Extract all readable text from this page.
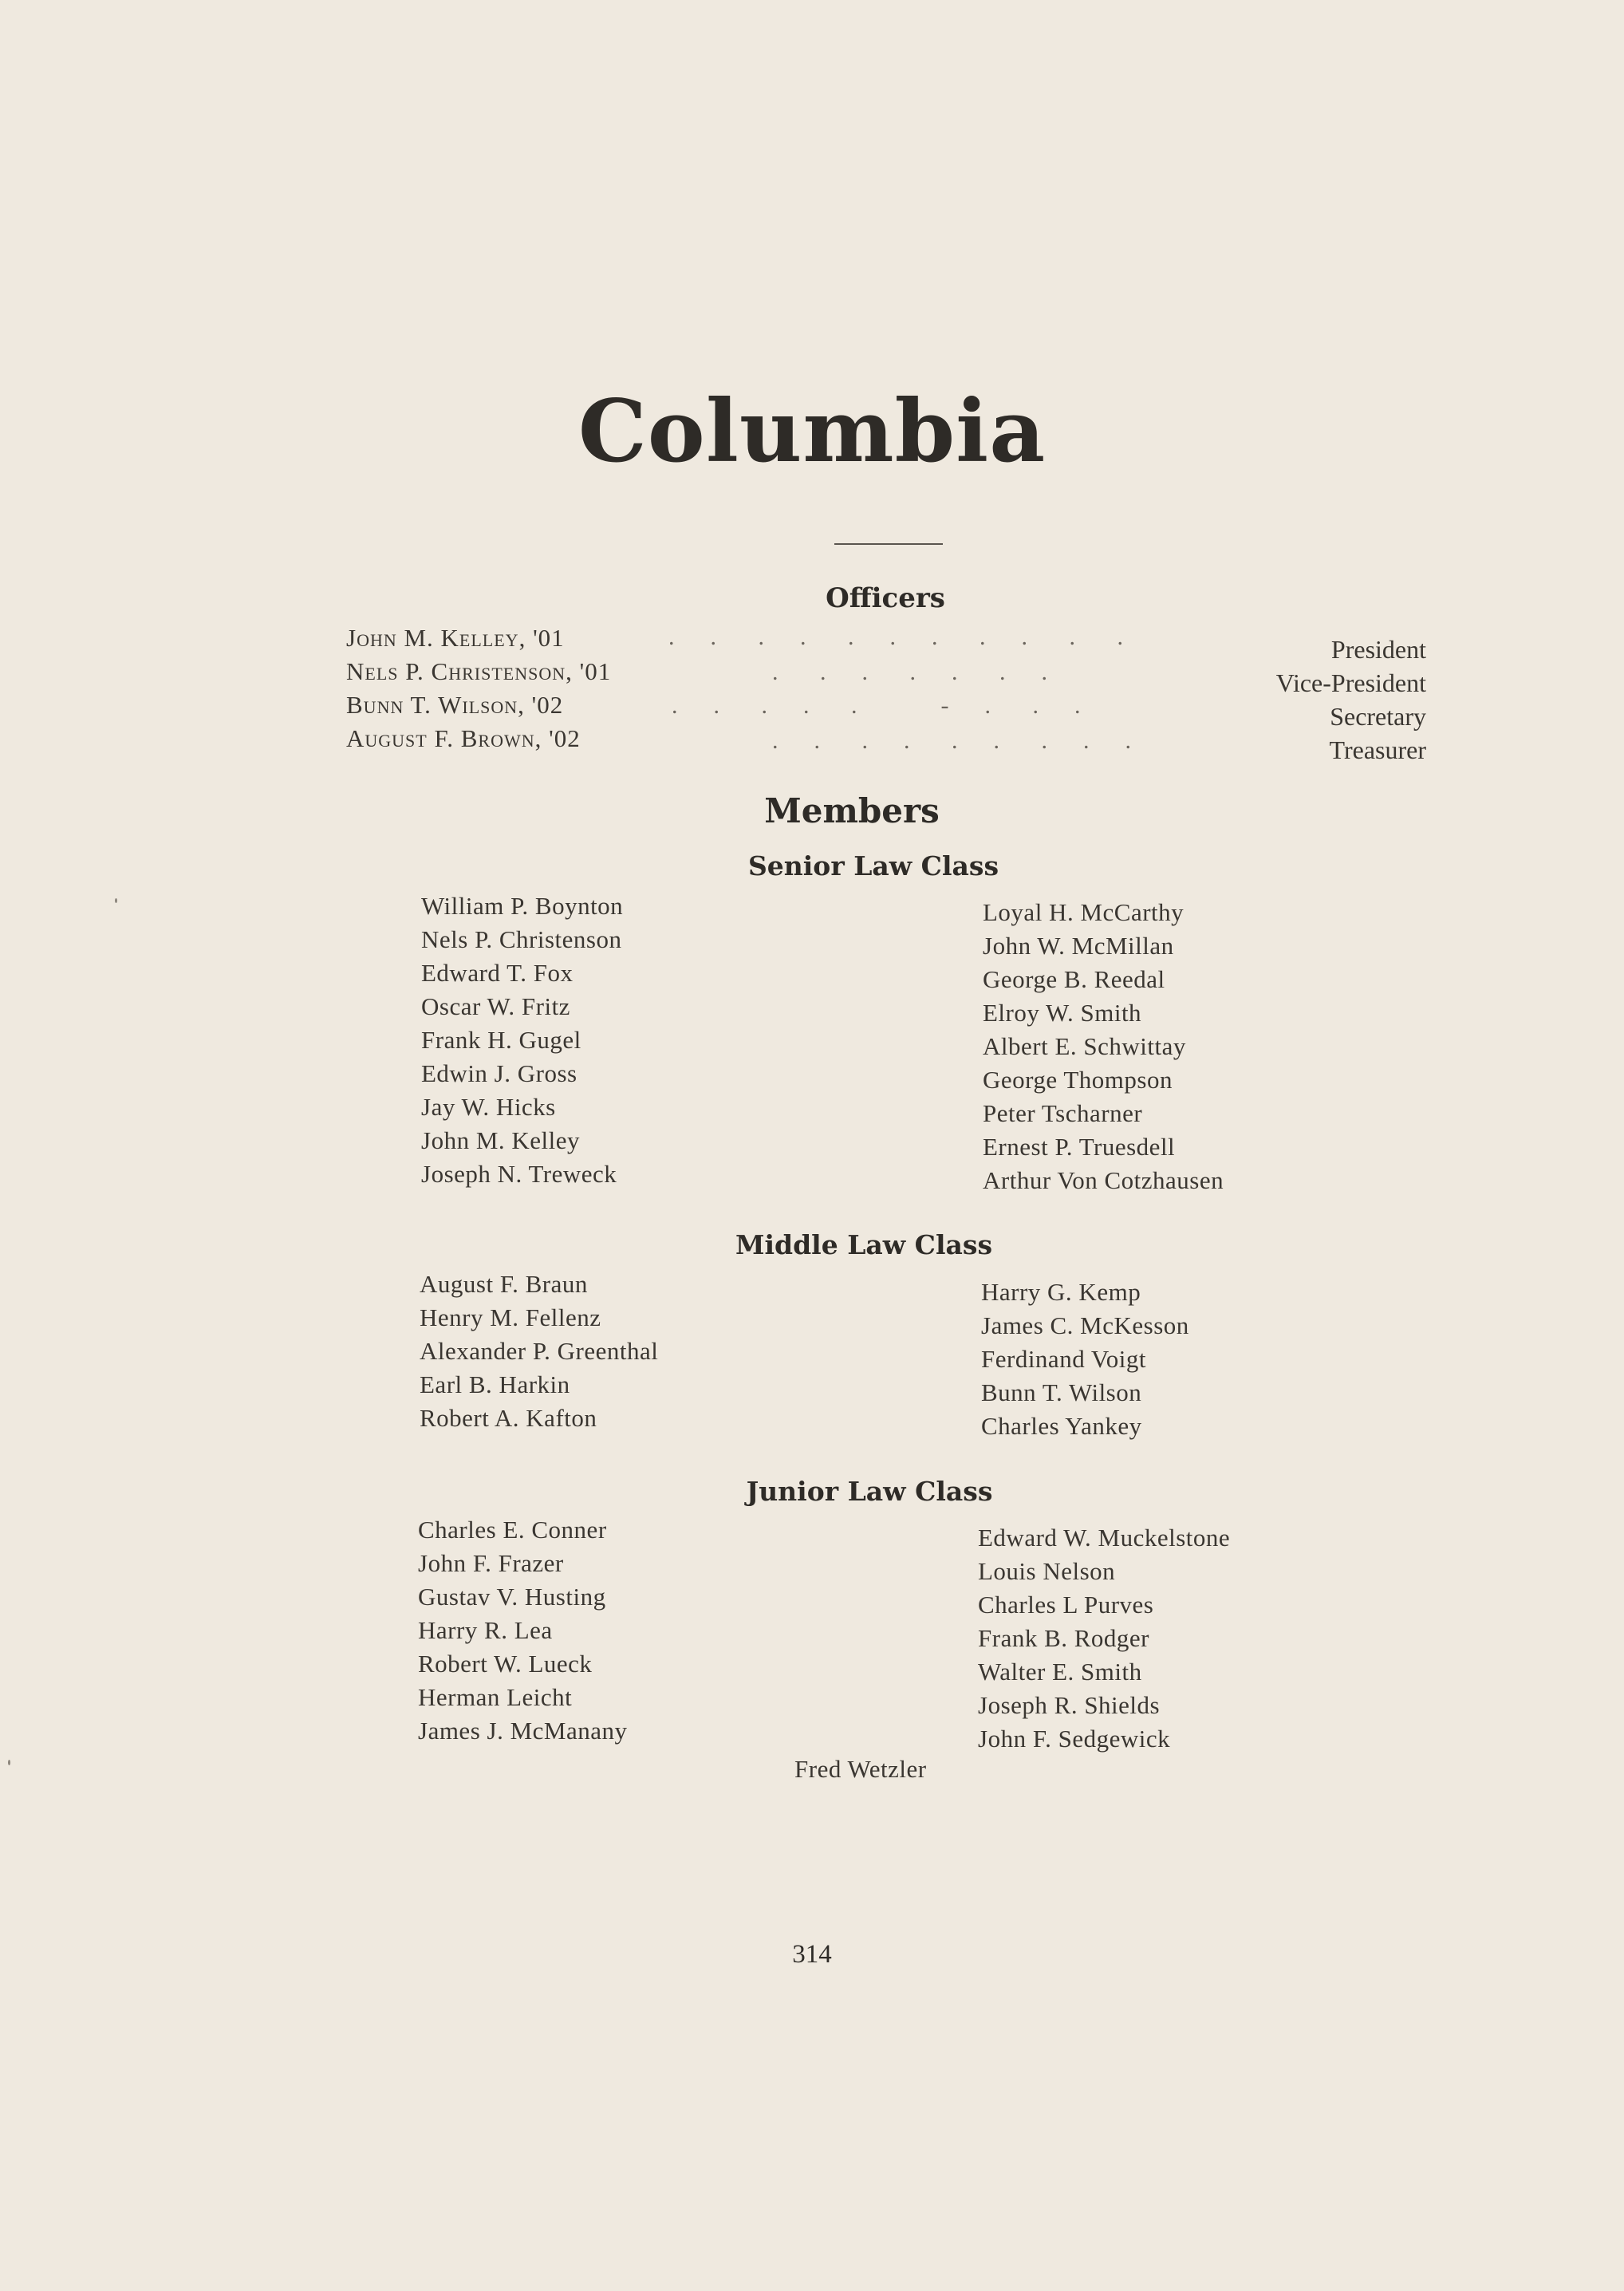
Columbia
Officers
John M. Kelley, '01	.      .       .      .       .      .      .       .      .       .       .	President
Nels P. Christenson, '01	.       .      .       .      .       .      .	Vice-President
Bunn T. Wilson, '02	.      .       .      .       .              -      .       .      .	Secretary
August F. Brown, '02	.      .       .      .       .      .       .      .      .	Treasurer
Members
Senior Law Class
William P. Boynton
Nels P. Christenson
Edward T. Fox
Oscar W. Fritz
Frank H. Gugel
Edwin J. Gross
Jay W. Hicks
John M. Kelley
Joseph N. Treweck
Loyal H. McCarthy
John W. McMillan
George B. Reedal
Elroy W. Smith
Albert E. Schwittay
George Thompson
Peter Tscharner
Ernest P. Truesdell
Arthur Von Cotzhausen
Middle Law Class
August F. Braun
Henry M. Fellenz
Alexander P. Greenthal
Earl B. Harkin
Robert A. Kafton
Harry G. Kemp
James C. McKesson
Ferdinand Voigt
Bunn T. Wilson
Charles Yankey
Junior Law Class
Charles E. Conner
John F. Frazer
Gustav V. Husting
Harry R. Lea
Robert W. Lueck
Herman Leicht
James J. McManany
Edward W. Muckelstone
Louis Nelson
Charles L Purves
Frank B. Rodger
Walter E. Smith
Joseph R. Shields
John F. Sedgewick
Fred Wetzler
314
